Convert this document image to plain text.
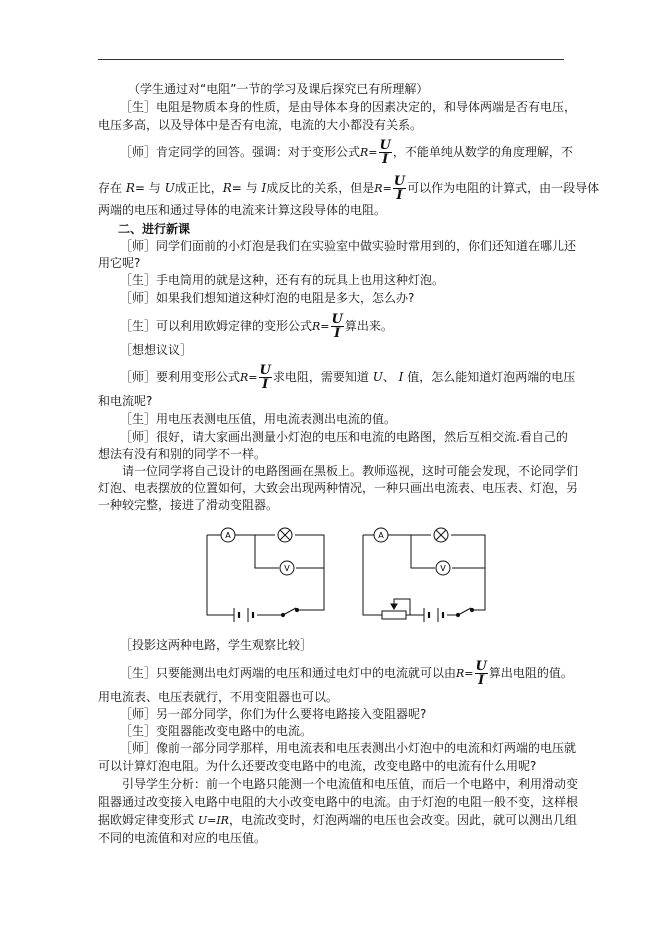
（学生通过对“电阻”一节的学习及课后探究已有所理解）
［生］电阻是物质本身的性质，是由导体本身的因素决定的，和导体两端是否有电压，
电压多高，以及导体中是否有电流，电流的大小都没有关系。
［师］肯定同学的回答。强调：对于变形公式$R= \frac{U}{I}$ ，不能单纯从数学的角度理解，不
存在 R= 与 U成正比，R= 与 I成反比的关系，但是$R= \frac{U}{I}$ 可以作为电阻的计算式，由一段导体
两端的电压和通过导体的电流来计算这段导体的电阻。
二、进行新课
［师］同学们面前的小灯泡是我们在实验室中做实验时常用到的，你们还知道在哪儿还
用它呢?
［生］手电筒用的就是这种，还有有的玩具上也用这种灯泡。
［师］如果我们想知道这种灯泡的电阻是多大，怎么办?
［生］可以利用欧姆定律的变形公式$R= \frac{U}{I}$ 算出来。
［想想议议］
［师］要利用变形公式$R= \frac{U}{I}$ 求电阻，需要知道 U、 I 值，怎么能知道灯泡两端的电压
和电流呢?
［生］用电压表测电压值，用电流表测出电流的值。
［师］很好，请大家画出测量小灯泡的电压和电流的电路图，然后互相交流.看自己的
想法有没有和别的同学不一样。
请一位同学将自己设计的电路图画在黑板上。教师巡视，这时可能会发现，不论同学们
灯泡、电表摆放的位置如何，大致会出现两种情况，一种只画出电流表、电压表、灯泡，另
一种较完整，接进了滑动变阻器。
A
V
A
V
［投影这两种电路，学生观察比较］
［生］只要能测出电灯两端的电压和通过电灯中的电流就可以由$R= \frac{U}{I}$ 算出电阻的值。
用电流表、电压表就行，不用变阻器也可以。
［师］另一部分同学，你们为什么要将电路接入变阻器呢?
［生］变阻器能改变电路中的电流。
［师］像前一部分同学那样，用电流表和电压表测出小灯泡中的电流和灯两端的电压就
可以计算灯泡电阻。为什么还要改变电路中的电流，改变电路中的电流有什么用呢?
引导学生分析：前一个电路只能测一个电流值和电压值，而后一个电路中，利用滑动变
阻器通过改变接入电路中电阻的大小改变电路中的电流。由于灯泡的电阻一般不变，这样根
据欧姆定律变形式 U=IR，电流改变时，灯泡两端的电压也会改变。因此，就可以测出几组
不同的电流值和对应的电压值。
